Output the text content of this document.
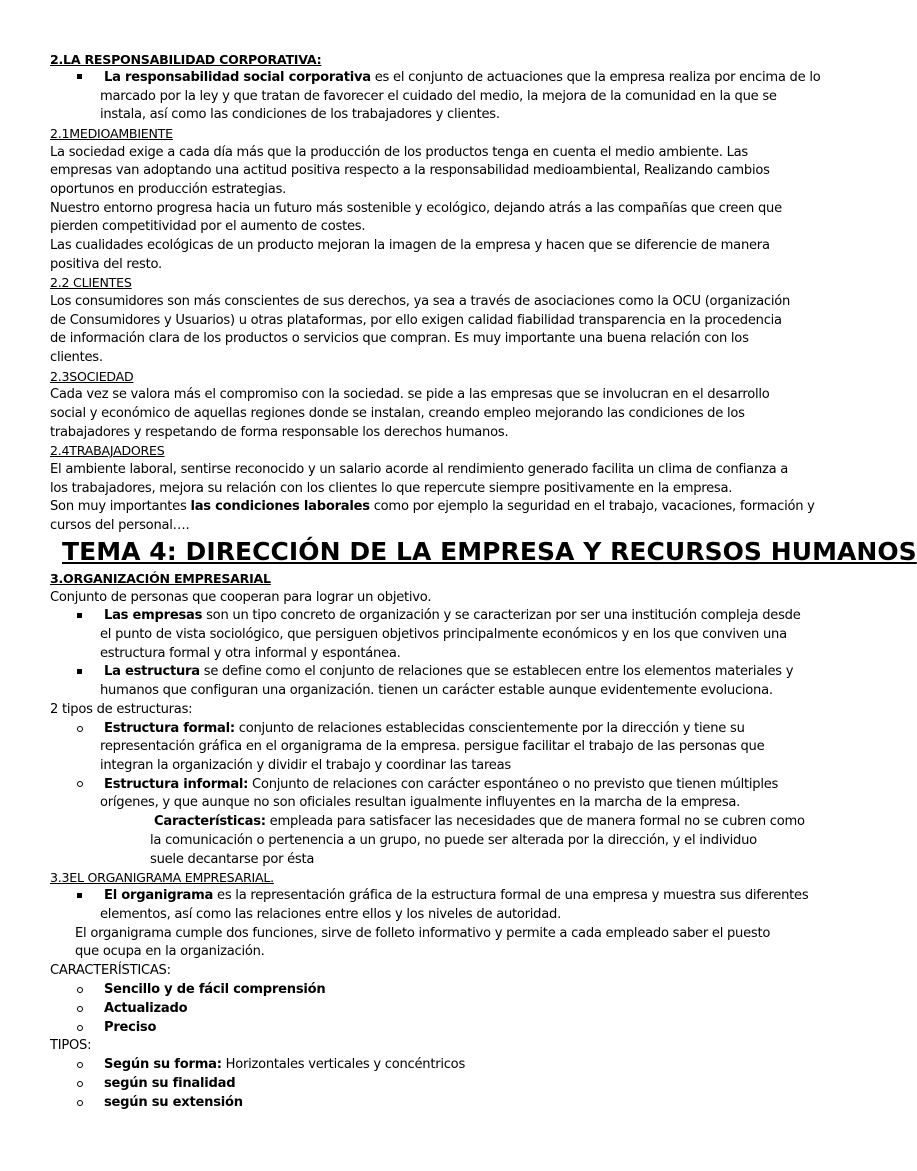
2.LA RESPONSABILIDAD CORPORATIVA:
La responsabilidad social corporativa es el conjunto de actuaciones que la empresa realiza por encima de lo
marcado por la ley y que tratan de favorecer el cuidado del medio, la mejora de la comunidad en la que se
instala, así como las condiciones de los trabajadores y clientes.
2.1MEDIOAMBIENTE
La sociedad exige a cada día más que la producción de los productos tenga en cuenta el medio ambiente. Las
empresas van adoptando una actitud positiva respecto a la responsabilidad medioambiental, Realizando cambios
oportunos en producción estrategias.
Nuestro entorno progresa hacia un futuro más sostenible y ecológico, dejando atrás a las compañías que creen que
pierden competitividad por el aumento de costes.
Las cualidades ecológicas de un producto mejoran la imagen de la empresa y hacen que se diferencie de manera
positiva del resto.
2.2 CLIENTES
Los consumidores son más conscientes de sus derechos, ya sea a través de asociaciones como la OCU (organización
de Consumidores y Usuarios) u otras plataformas, por ello exigen calidad fiabilidad transparencia en la procedencia
de información clara de los productos o servicios que compran. Es muy importante una buena relación con los
clientes.
2.3SOCIEDAD
Cada vez se valora más el compromiso con la sociedad. se pide a las empresas que se involucran en el desarrollo
social y económico de aquellas regiones donde se instalan, creando empleo mejorando las condiciones de los
trabajadores y respetando de forma responsable los derechos humanos.
2.4TRABAJADORES
El ambiente laboral, sentirse reconocido y un salario acorde al rendimiento generado facilita un clima de confianza a
los trabajadores, mejora su relación con los clientes lo que repercute siempre positivamente en la empresa.
Son muy importantes las condiciones laborales como por ejemplo la seguridad en el trabajo, vacaciones, formación y
cursos del personal….
TEMA 4: DIRECCIÓN DE LA EMPRESA Y RECURSOS HUMANOS
3.ORGANIZACIÓN EMPRESARIAL
Conjunto de personas que cooperan para lograr un objetivo.
Las empresas son un tipo concreto de organización y se caracterizan por ser una institución compleja desde
el punto de vista sociológico, que persiguen objetivos principalmente económicos y en los que conviven una
estructura formal y otra informal y espontánea.
La estructura se define como el conjunto de relaciones que se establecen entre los elementos materiales y
humanos que configuran una organización. tienen un carácter estable aunque evidentemente evoluciona.
2 tipos de estructuras:
Estructura formal: conjunto de relaciones establecidas conscientemente por la dirección y tiene su
representación gráfica en el organigrama de la empresa. persigue facilitar el trabajo de las personas que
integran la organización y dividir el trabajo y coordinar las tareas
Estructura informal: Conjunto de relaciones con carácter espontáneo o no previsto que tienen múltiples
orígenes, y que aunque no son oficiales resultan igualmente influyentes en la marcha de la empresa.
Características: empleada para satisfacer las necesidades que de manera formal no se cubren como
la comunicación o pertenencia a un grupo, no puede ser alterada por la dirección, y el individuo
suele decantarse por ésta
3.3EL ORGANIGRAMA EMPRESARIAL.
El organigrama es la representación gráfica de la estructura formal de una empresa y muestra sus diferentes
elementos, así como las relaciones entre ellos y los niveles de autoridad.
El organigrama cumple dos funciones, sirve de folleto informativo y permite a cada empleado saber el puesto
que ocupa en la organización.
CARACTERÍSTICAS:
Sencillo y de fácil comprensión
Actualizado
Preciso
TIPOS:
Según su forma: Horizontales verticales y concéntricos
según su finalidad
según su extensión
